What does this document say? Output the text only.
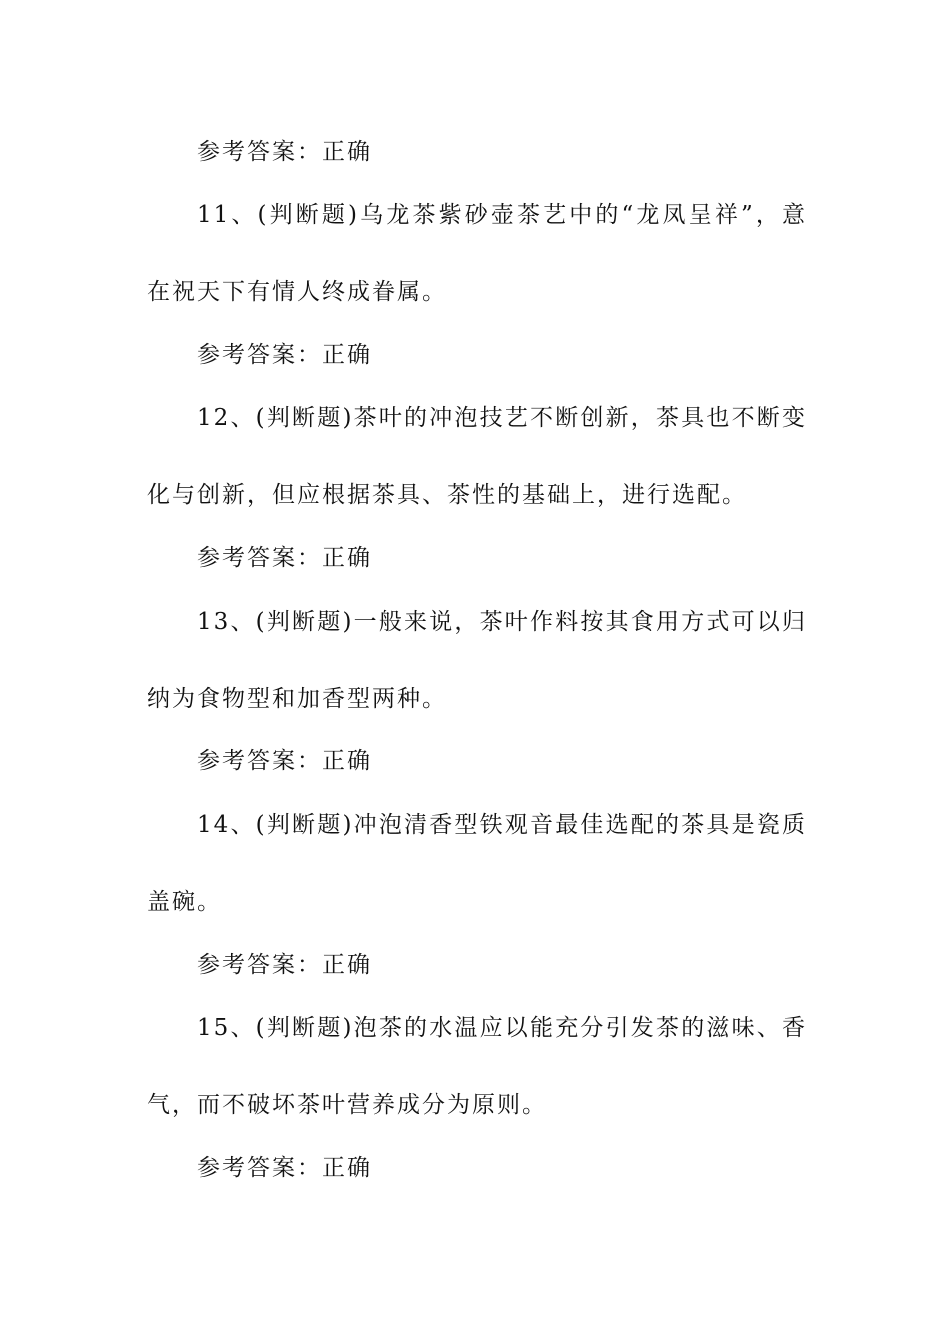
参考答案：正确
11、(判断题)乌龙茶紫砂壶茶艺中的“龙凤呈祥”，意
在祝天下有情人终成眷属。
参考答案：正确
12、(判断题)茶叶的冲泡技艺不断创新，茶具也不断变
化与创新，但应根据茶具、茶性的基础上，进行选配。
参考答案：正确
13、(判断题)一般来说，茶叶作料按其食用方式可以归
纳为食物型和加香型两种。
参考答案：正确
14、(判断题)冲泡清香型铁观音最佳选配的茶具是瓷质
盖碗。
参考答案：正确
15、(判断题)泡茶的水温应以能充分引发茶的滋味、香
气，而不破坏茶叶营养成分为原则。
参考答案：正确
